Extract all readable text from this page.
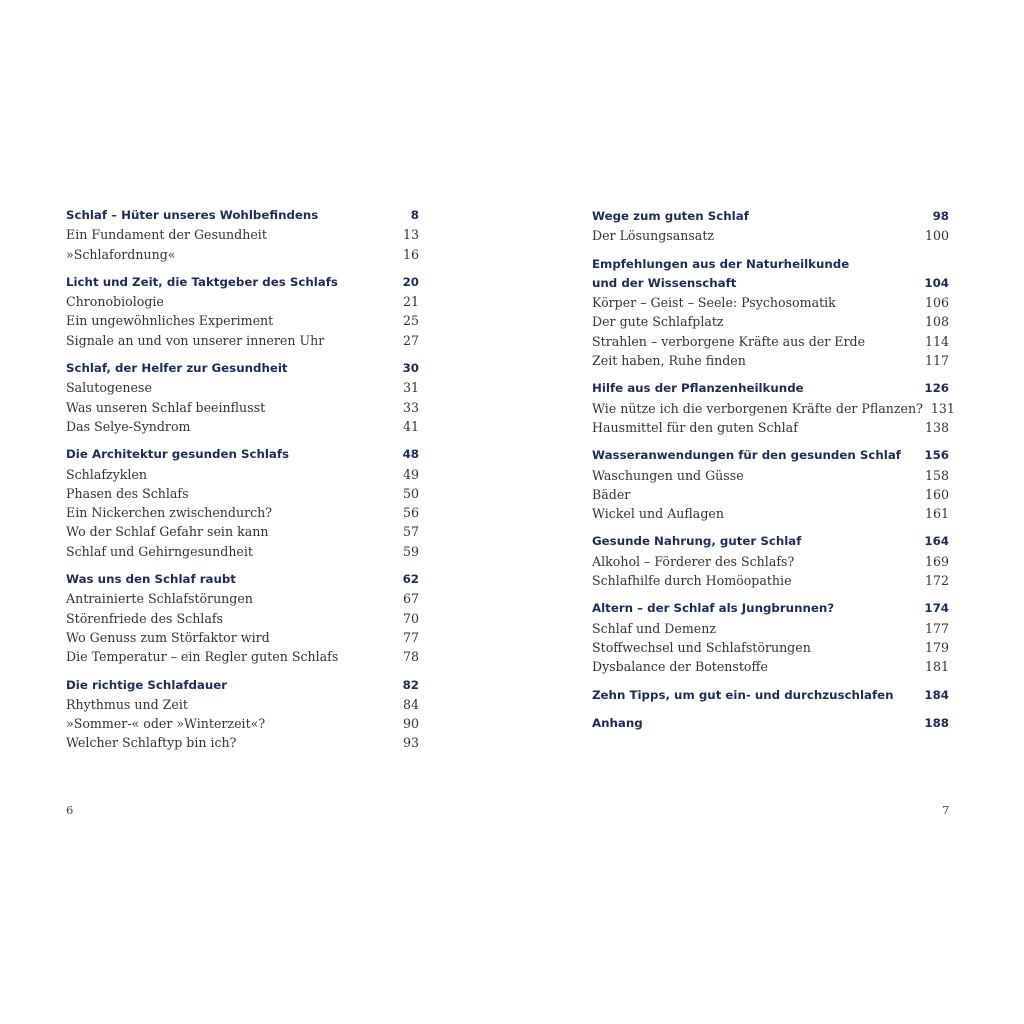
Schlaf – Hüter unseres Wohlbefindens	8
Ein Fundament der Gesundheit	13
»Schlafordnung«	16
Licht und Zeit, die Taktgeber des Schlafs	20
Chronobiologie	21
Ein ungewöhnliches Experiment	25
Signale an und von unserer inneren Uhr	27
Schlaf, der Helfer zur Gesundheit	30
Salutogenese	31
Was unseren Schlaf beeinflusst	33
Das Selye-Syndrom	41
Die Architektur gesunden Schlafs	48
Schlafzyklen	49
Phasen des Schlafs	50
Ein Nickerchen zwischendurch?	56
Wo der Schlaf Gefahr sein kann	57
Schlaf und Gehirngesundheit	59
Was uns den Schlaf raubt	62
Antrainierte Schlafstörungen	67
Störenfriede des Schlafs	70
Wo Genuss zum Störfaktor wird	77
Die Temperatur – ein Regler guten Schlafs	78
Die richtige Schlafdauer	82
Rhythmus und Zeit	84
»Sommer-« oder »Winterzeit«?	90
Welcher Schlaftyp bin ich?	93
6
Wege zum guten Schlaf	98
Der Lösungsansatz	100
Empfehlungen aus der Naturheilkunde
und der Wissenschaft	104
Körper – Geist – Seele: Psychosomatik	106
Der gute Schlafplatz	108
Strahlen – verborgene Kräfte aus der Erde	114
Zeit haben, Ruhe finden	117
Hilfe aus der Pflanzenheilkunde	126
Wie nütze ich die verborgenen Kräfte der Pflanzen? 131
Hausmittel für den guten Schlaf	138
Wasseranwendungen für den gesunden Schlaf	156
Waschungen und Güsse	158
Bäder	160
Wickel und Auflagen	161
Gesunde Nahrung, guter Schlaf	164
Alkohol – Förderer des Schlafs?	169
Schlafhilfe durch Homöopathie	172
Altern – der Schlaf als Jungbrunnen?	174
Schlaf und Demenz	177
Stoffwechsel und Schlafstörungen	179
Dysbalance der Botenstoffe	181
Zehn Tipps, um gut ein- und durchzuschlafen	184
Anhang	188
7
